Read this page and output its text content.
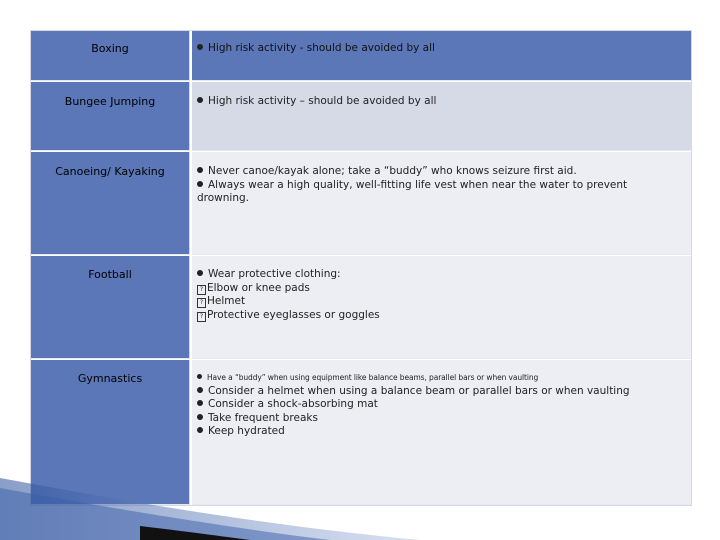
Boxing	High risk activity - should be avoided by all
Bungee Jumping	High risk activity – should be avoided by all
Canoeing/ Kayaking	Never canoe/kayak alone; take a “buddy” who knows seizure first aid.
Always wear a high quality, well-fitting life vest when near the water to prevent
drowning.
Football	Wear protective clothing:
? Elbow or knee pads
? Helmet
? Protective eyeglasses or goggles
Gymnastics	Have a “buddy” when using equipment like balance beams, parallel bars or when vaulting
Consider a helmet when using a balance beam or parallel bars or when vaulting
Consider a shock-absorbing mat
Take frequent breaks
Keep hydrated
